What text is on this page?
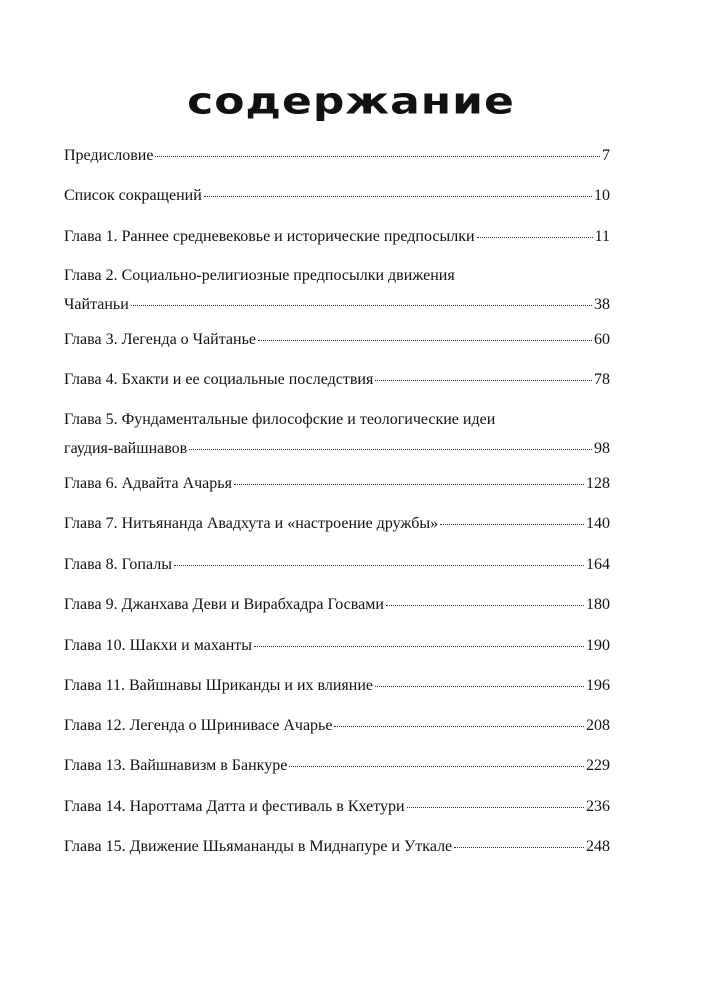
содержание
Предисловие	7
Список сокращений	10
Глава 1. Раннее средневековье и исторические предпосылки	11
Глава 2. Социально-религиозные предпосылки движения
Чайтаньи	38
Глава 3. Легенда о Чайтанье	60
Глава 4. Бхакти и ее социальные последствия	78
Глава 5. Фундаментальные философские и теологические идеи
гаудия-вайшнавов	98
Глава 6. Адвайта Ачарья	128
Глава 7. Нитьянанда Авадхута и «настроение дружбы»	140
Глава 8. Гопалы	164
Глава 9. Джанхава Деви и Вирабхадра Госвами	180
Глава 10. Шакхи и маханты	190
Глава 11. Вайшнавы Шриканды и их влияние	196
Глава 12. Легенда о Шринивасе Ачарье	208
Глава 13. Вайшнавизм в Банкуре	229
Глава 14. Нароттама Датта и фестиваль в Кхетури	236
Глава 15. Движение Шьямананды в Миднапуре и Уткале	248
